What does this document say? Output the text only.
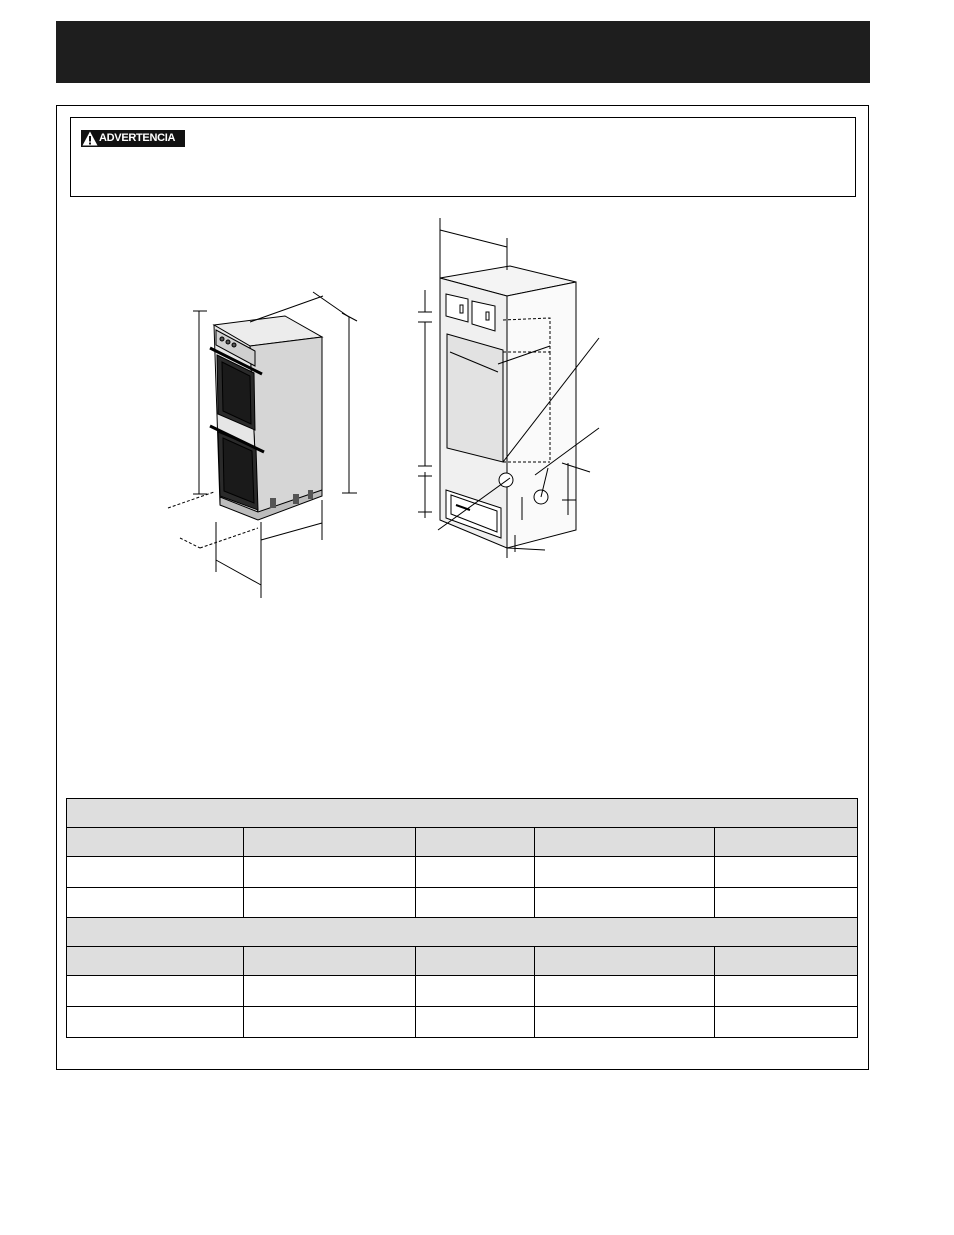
ADVERTENCIA
